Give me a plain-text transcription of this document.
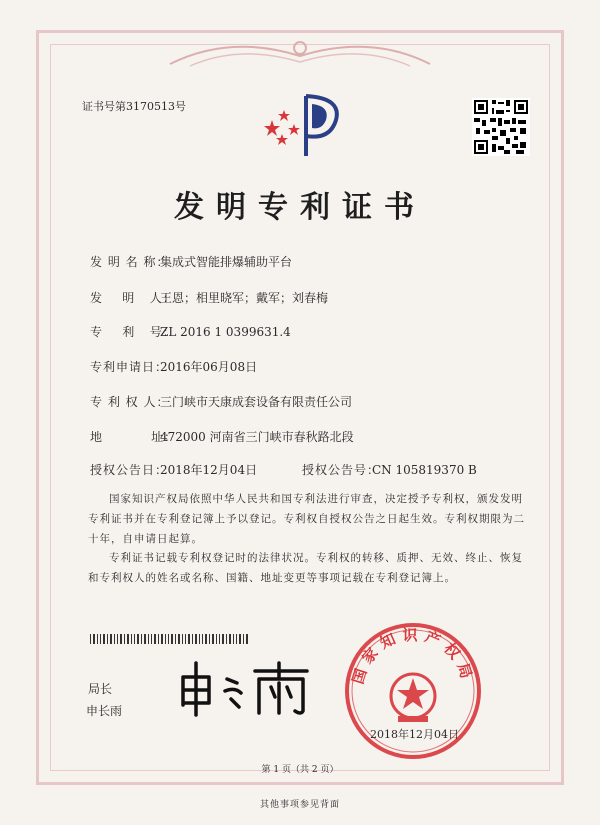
证书号第3170513号
发明专利证书
发 明 名 称：集成式智能排爆辅助平台
发    明   人：王恩；相里晓军；戴军；刘春梅
专    利   号：ZL 2016 1 0399631.4
专利申请日：2016年06月08日
专 利 权 人：三门峡市天康成套设备有限责任公司
地          址：472000 河南省三门峡市春秋路北段
授权公告日：2018年12月04日	授权公告号：CN 105819370 B
国家知识产权局依照中华人民共和国专利法进行审查，决定授予专利权，颁发发明专利证书并在专利登记簿上予以登记。专利权自授权公告之日起生效。专利权期限为二十年，自申请日起算。
专利证书记载专利权登记时的法律状况。专利权的转移、质押、无效、终止、恢复和专利权人的姓名或名称、国籍、地址变更等事项记载在专利登记簿上。
局长
申长雨
国家知识产权局
2018年12月04日
第 1 页（共 2 页）
其他事项参见背面
